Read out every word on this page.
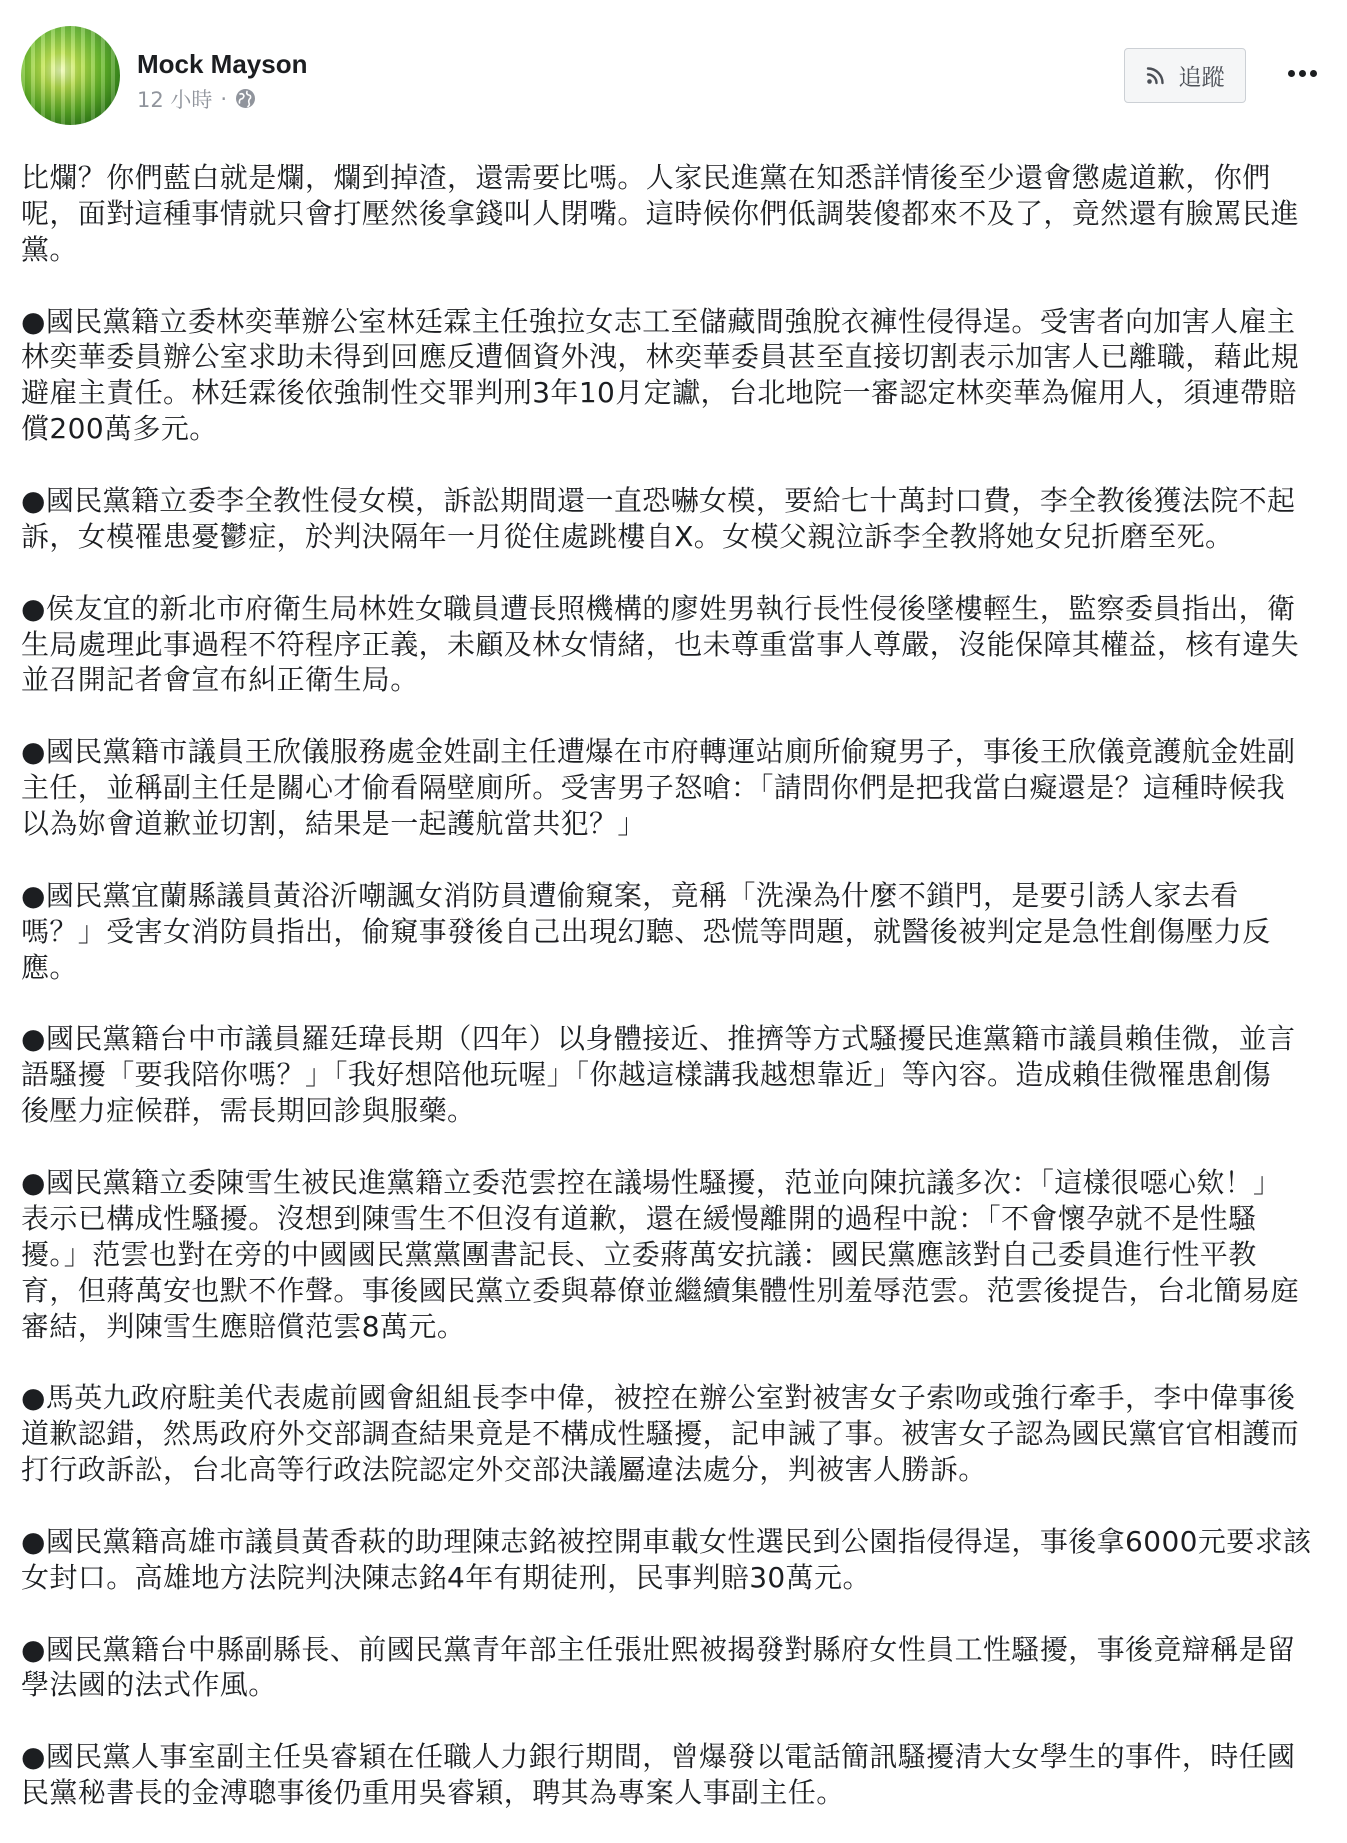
Mock Mayson
12 小時 ·
追蹤
比爛？你們藍白就是爛，爛到掉渣，還需要比嗎。人家民進黨在知悉詳情後至少還會懲處道歉，你們
呢，面對這種事情就只會打壓然後拿錢叫人閉嘴。這時候你們低調裝傻都來不及了，竟然還有臉罵民進
黨。
●國民黨籍立委林奕華辦公室林廷霖主任強拉女志工至儲藏間強脫衣褲性侵得逞。受害者向加害人雇主
林奕華委員辦公室求助未得到回應反遭個資外洩，林奕華委員甚至直接切割表示加害人已離職，藉此規
避雇主責任。林廷霖後依強制性交罪判刑3年10月定讞，台北地院一審認定林奕華為僱用人，須連帶賠
償200萬多元。
●國民黨籍立委李全教性侵女模，訴訟期間還一直恐嚇女模，要給七十萬封口費，李全教後獲法院不起
訴，女模罹患憂鬱症，於判決隔年一月從住處跳樓自X。女模父親泣訴李全教將她女兒折磨至死。
●侯友宜的新北市府衛生局林姓女職員遭長照機構的廖姓男執行長性侵後墜樓輕生，監察委員指出，衛
生局處理此事過程不符程序正義，未顧及林女情緒，也未尊重當事人尊嚴，沒能保障其權益，核有違失
並召開記者會宣布糾正衛生局。
●國民黨籍市議員王欣儀服務處金姓副主任遭爆在市府轉運站廁所偷窺男子，事後王欣儀竟護航金姓副
主任，並稱副主任是關心才偷看隔壁廁所。受害男子怒嗆：「請問你們是把我當白癡還是？這種時候我
以為妳會道歉並切割，結果是一起護航當共犯？」
●國民黨宜蘭縣議員黃浴沂嘲諷女消防員遭偷窺案，竟稱「洗澡為什麼不鎖門，是要引誘人家去看
嗎？」受害女消防員指出，偷窺事發後自己出現幻聽、恐慌等問題，就醫後被判定是急性創傷壓力反
應。
●國民黨籍台中市議員羅廷瑋長期（四年）以身體接近、推擠等方式騷擾民進黨籍市議員賴佳微，並言
語騷擾「要我陪你嗎？」「我好想陪他玩喔」「你越這樣講我越想靠近」等內容。造成賴佳微罹患創傷
後壓力症候群，需長期回診與服藥。
●國民黨籍立委陳雪生被民進黨籍立委范雲控在議場性騷擾，范並向陳抗議多次：「這樣很噁心欸！」
表示已構成性騷擾。沒想到陳雪生不但沒有道歉，還在緩慢離開的過程中說：「不會懷孕就不是性騷
擾。」范雲也對在旁的中國國民黨黨團書記長、立委蔣萬安抗議：國民黨應該對自己委員進行性平教
育，但蔣萬安也默不作聲。事後國民黨立委與幕僚並繼續集體性別羞辱范雲。范雲後提告，台北簡易庭
審結，判陳雪生應賠償范雲8萬元。
●馬英九政府駐美代表處前國會組組長李中偉，被控在辦公室對被害女子索吻或強行牽手，李中偉事後
道歉認錯，然馬政府外交部調查結果竟是不構成性騷擾，記申誡了事。被害女子認為國民黨官官相護而
打行政訴訟，台北高等行政法院認定外交部決議屬違法處分，判被害人勝訴。
●國民黨籍高雄市議員黃香萩的助理陳志銘被控開車載女性選民到公園指侵得逞，事後拿6000元要求該
女封口。高雄地方法院判決陳志銘4年有期徒刑，民事判賠30萬元。
●國民黨籍台中縣副縣長、前國民黨青年部主任張壯熙被揭發對縣府女性員工性騷擾，事後竟辯稱是留
學法國的法式作風。
●國民黨人事室副主任吳睿穎在任職人力銀行期間，曾爆發以電話簡訊騷擾清大女學生的事件，時任國
民黨秘書長的金溥聰事後仍重用吳睿穎，聘其為專案人事副主任。
